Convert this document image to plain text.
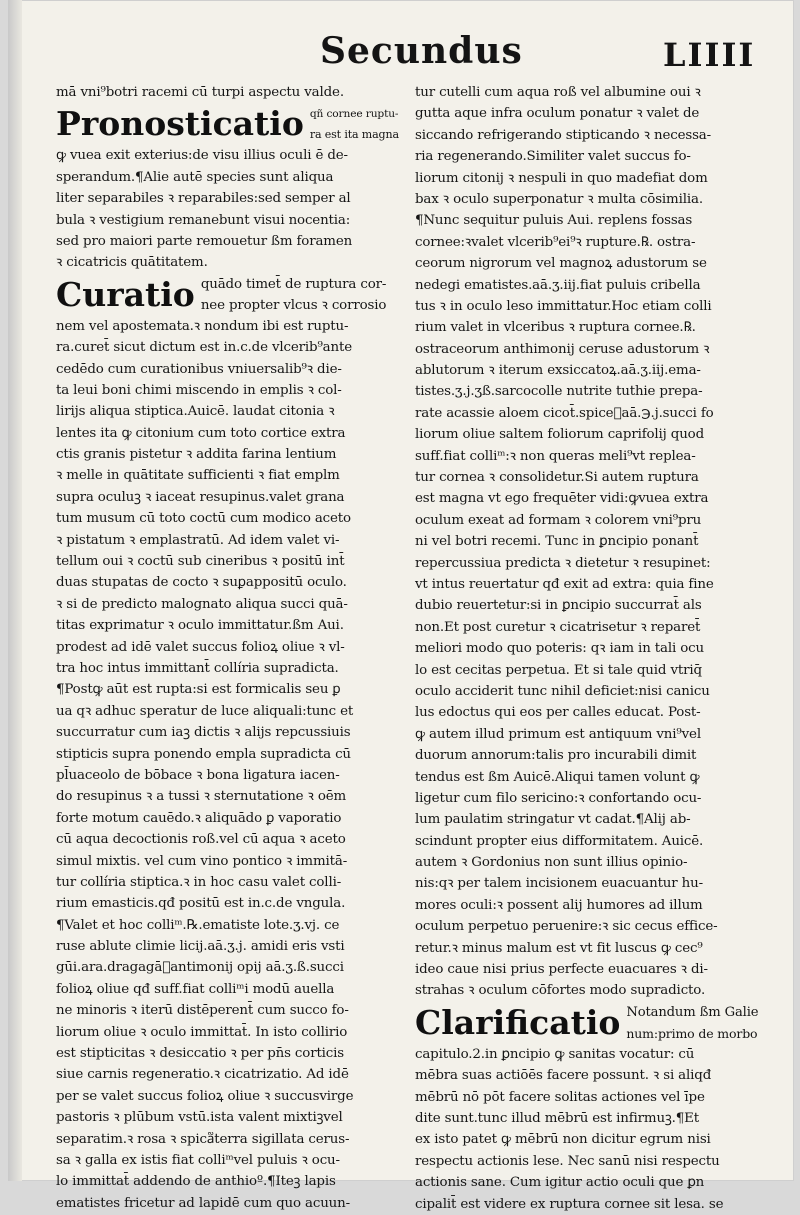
Secundus	LIIII
mā vni⁹botri racemi cū turpi aspectu valde.
Pronosticatio qñ cornee ruptu-
ra est ita magna
ꝙ vuea exit exterius:de visu illius oculi ē de-
sperandum.¶Alie autē species sunt aliqua
liter separabiles ꝛ reparabiles:sed semper al
bula ꝛ vestigium remanebunt visui nocentia:
sed pro maiori parte remouetur ßm foramen
ꝛ cicatricis quātitatem.
Curatio quādo timet̄ de ruptura cor-
nee propter vlcus ꝛ corrosio
nem vel apostemata.ꝛ nondum ibi est ruptu-
ra.curet̄ sicut dictum est in.c.de vlcerib⁹ante
cedēdo cum curationibus vniuersalib⁹ꝛ die-
ta leui boni chimi miscendo in emplis ꝛ col-
lirijs aliqua stiptica.Auicē. laudat citonia ꝛ
lentes ita ꝙ citonium cum toto cortice extra
ctis granis pistetur ꝛ addita farina lentium
ꝛ melle in quātitate sufficienti ꝛ fiat emplm
supra oculuꝫ ꝛ iaceat resupinus.valet grana
tum musum cū toto coctū cum modico aceto
ꝛ pistatum ꝛ emplastratū. Ad idem valet vi-
tellum oui ꝛ coctū sub cineribus ꝛ positū int̄
duas stupatas de cocto ꝛ suꝑappositū oculo.
ꝛ si de predicto malognato aliqua succi quā-
titas exprimatur ꝛ oculo immittatur.ßm Aui.
prodest ad idē valet succus folioꝝ oliue ꝛ vl-
tra hoc intus immittant̄ collíria supradicta.
¶Postꝙ aūt est rupta:si est formicalis seu ꝑ
ua qꝛ adhuc speratur de luce aliquali:tunc et
succurratur cum iaꝫ dictis ꝛ alijs repcussiuis
stipticis supra ponendo empla supradicta cū
pl̄uaceolo de bōbace ꝛ bona ligatura iacen-
do resupinus ꝛ a tussi ꝛ sternutatione ꝛ oēm
forte motum cauēdo.ꝛ aliquādo ꝑ vaporatio
cū aqua decoctionis roß.vel cū aqua ꝛ aceto
simul mixtis. vel cum vino pontico ꝛ immitā-
tur collíria stiptica.ꝛ in hoc casu valet colli-
rium emasticis.qđ positū est in.c.de vngula.
¶Valet et hoc colliᵐ.℞.ematiste lote.ʒ.vj. ce
ruse ablute climie licij.aā.ʒ.j. amidi eris vsti
gūi.ara.dragagā᷑antimonij opij aā.ʒ.ß.succi
folioꝝ oliue qđ suff.fiat colliᵐi modū auella
ne minoris ꝛ iterū distēperent̄ cum succo fo-
liorum oliue ꝛ oculo immittat̄. In isto collirio
est stipticitas ꝛ desiccatio ꝛ per pn̄s corticis
siue carnis regeneratio.ꝛ cicatrizatio. Ad idē
per se valet succus folioꝝ oliue ꝛ succusvirge
pastoris ꝛ plūbum vstū.ista valent mixtiꝫvel
separatim.ꝛ rosa ꝛ spica᷑terra sigillata cerus-
sa ꝛ galla ex istis fiat colliᵐvel puluis ꝛ ocu-
lo immittat̄ addendo de anthioº.¶Iteꝫ lapis
ematistes fricetur ad lapidē cum quo acuun-
tur cutelli cum aqua roß vel albumine oui ꝛ
gutta aque infra oculum ponatur ꝛ valet de
siccando refrigerando stipticando ꝛ necessa-
ria regenerando.Similiter valet succus fo-
liorum citonij ꝛ nespuli in quo madefiat dom
bax ꝛ oculo superponatur ꝛ multa cōsimilia.
¶Nunc sequitur puluis Aui. replens fossas
cornee:ꝛvalet vlcerib⁹ei⁹ꝛ rupture.℞. ostra-
ceorum nigrorum vel magnoꝝ adustorum se
nedegi ematistes.aā.ʒ.iij.fiat puluis cribella
tus ꝛ in oculo leso immittatur.Hoc etiam colli
rium valet in vlceribus ꝛ ruptura cornee.℞.
ostraceorum anthimonij ceruse adustorum ꝛ
ablutorum ꝛ iterum exsiccatoꝝ.aā.ʒ.iij.ema-
tistes.ʒ.j.ʒß.sarcocolle nutrite tuthie prepa-
rate acassie aloem cicot̄.spice᷑aā.℈.j.succi fo
liorum oliue saltem foliorum caprifolij quod
suff.fiat colliᵐ:ꝛ non queras meli⁹vt replea-
tur cornea ꝛ consolidetur.Si autem ruptura
est magna vt ego frequēter vidi:ꝙvuea extra
oculum exeat ad formam ꝛ colorem vni⁹pru
ni vel botri recemi. Tunc in ꝑncipio ponant̄
repercussiua predicta ꝛ dietetur ꝛ resupinet:
vt intus reuertatur qđ exit ad extra: quia fine
dubio reuertetur:si in ꝑncipio succurrat̄ als
non.Et post curetur ꝛ cicatrisetur ꝛ reparet̄
meliori modo quo poteris: qꝛ iam in tali ocu
lo est cecitas perpetua. Et si tale quid vtriq̄
oculo acciderit tunc nihil deficiet:nisi canicu
lus edoctus qui eos per calles educat. Post-
ꝙ autem illud primum est antiquum vni⁹vel
duorum annorum:talis pro incurabili dimit
tendus est ßm Auicē.Aliqui tamen volunt ꝙ
ligetur cum filo sericino:ꝛ confortando ocu-
lum paulatim stringatur vt cadat.¶Alij ab-
scindunt propter eius difformitatem. Auicē.
autem ꝛ Gordonius non sunt illius opinio-
nis:qꝛ per talem incisionem euacuantur hu-
mores oculi:ꝛ possent alij humores ad illum
oculum perpetuo peruenire:ꝛ sic cecus effice-
retur.ꝛ minus malum est vt fit luscus ꝙ cec⁹
ideo caue nisi prius perfecte euacuares ꝛ di-
strahas ꝛ oculum cōfortes modo supradicto.
Clarificatio Notandum ßm Galie
num:primo de morbo
capitulo.2.in ꝑncipio ꝙ sanitas vocatur: cū
mēbra suas actiōēs facere possunt. ꝛ si aliqđ
mēbrū nō pōt facere solitas actiones vel īpe
dite sunt.tunc illud mēbrū est infirmuꝫ.¶Et
ex isto patet ꝙ mēbrū non dicitur egrum nisi
respectu actionis lese. Nec sanū nisi respectu
actionis sane. Cum igitur actio oculi que ꝑn
cipalit̄ est videre ex ruptura cornee sit lesa. se
